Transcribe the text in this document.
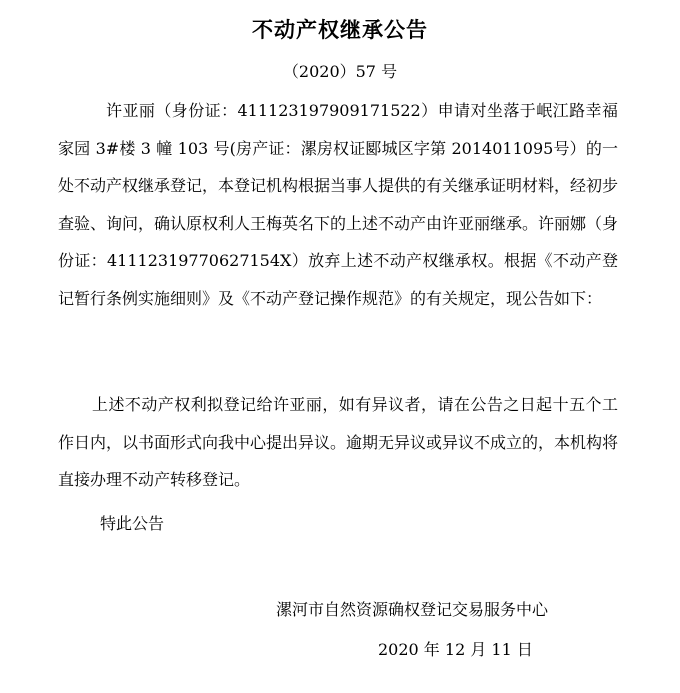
不动产权继承公告
（2020）57 号

许亚丽（身份证：411123197909171522）申请对坐落于岷江路幸福家园 3#楼 3 幢 103 号(房产证：漯房权证郾城区字第 2014011095号）的一处不动产权继承登记，本登记机构根据当事人提供的有关继承证明材料，经初步查验、询问，确认原权利人王梅英名下的上述不动产由许亚丽继承。许丽娜（身份证：41112319770627154X）放弃上述不动产权继承权。根据《不动产登记暂行条例实施细则》及《不动产登记操作规范》的有关规定，现公告如下：

上述不动产权利拟登记给许亚丽，如有异议者，请在公告之日起十五个工作日内，以书面形式向我中心提出异议。逾期无异议或异议不成立的，本机构将直接办理不动产转移登记。

特此公告

漯河市自然资源确权登记交易服务中心

2020 年 12 月 11 日
